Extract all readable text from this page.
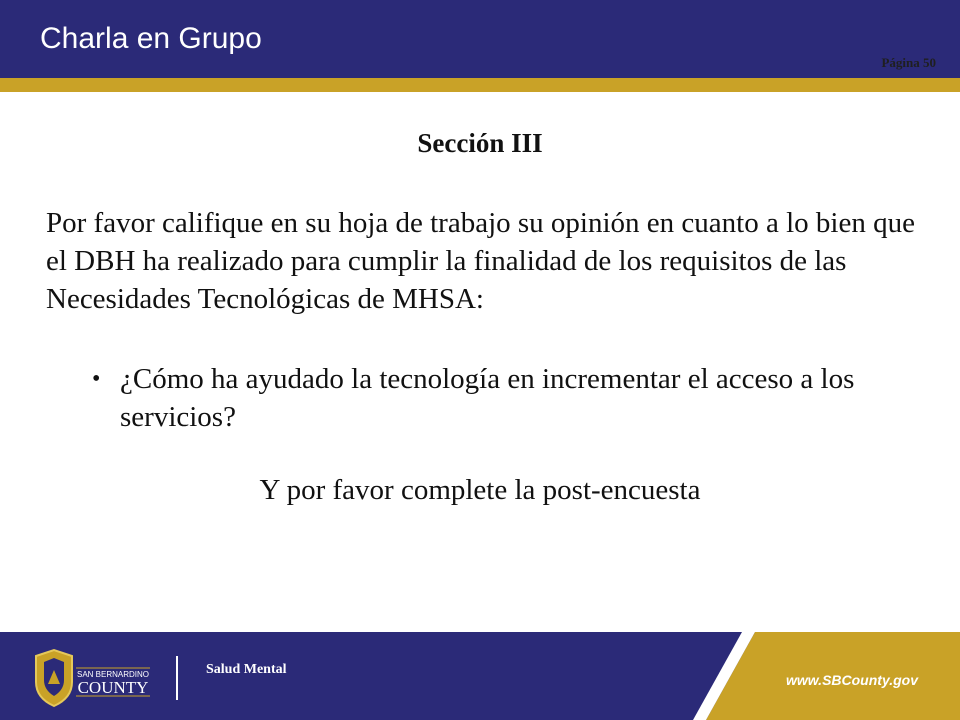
Charla en Grupo
Página 50
Sección III
Por favor califique en su hoja de trabajo su opinión en cuanto a lo bien que el DBH ha realizado para cumplir la finalidad de los requisitos de las Necesidades Tecnológicas de MHSA:
• ¿Cómo ha ayudado la tecnología en incrementar el acceso a los servicios?
Y por favor complete la post-encuesta
SAN BERNARDINO
COUNTY
Salud Mental
www.SBCounty.gov
